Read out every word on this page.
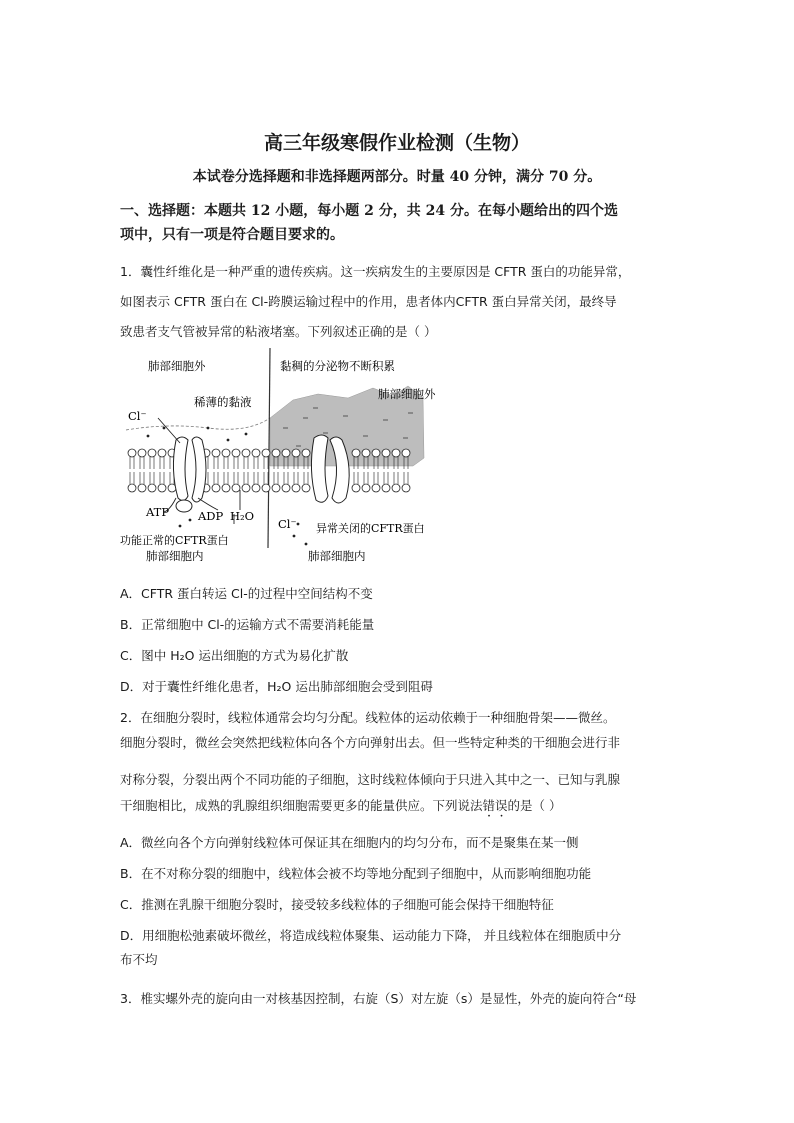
高三年级寒假作业检测（生物）
本试卷分选择题和非选择题两部分。时量 40 分钟，满分 70 分。
一、选择题：本题共 12 小题，每小题 2 分，共 24 分。在每小题给出的四个选
项中，只有一项是符合题目要求的。
1．囊性纤维化是一种严重的遗传疾病。这一疾病发生的主要原因是 CFTR 蛋白的功能异常，
如图表示 CFTR 蛋白在 Cl-跨膜运输过程中的作用，患者体内CFTR 蛋白异常关闭，最终导
致患者支气管被异常的粘液堵塞。下列叙述正确的是（ ）
肺部细胞外	黏稠的分泌物不断积累
肺部细胞外
稀薄的黏液
Cl⁻
ATP	ADP H₂O
Cl⁻ 异常关闭的CFTR蛋白
功能正常的CFTR蛋白
肺部细胞内	肺部细胞内
A．CFTR 蛋白转运 Cl-的过程中空间结构不变
B．正常细胞中 Cl-的运输方式不需要消耗能量
C．图中 H₂O 运出细胞的方式为易化扩散
D．对于囊性纤维化患者，H₂O 运出肺部细胞会受到阻碍
2．在细胞分裂时，线粒体通常会均匀分配。线粒体的运动依赖于一种细胞骨架——微丝。
细胞分裂时，微丝会突然把线粒体向各个方向弹射出去。但一些特定种类的干细胞会进行非
对称分裂，分裂出两个不同功能的子细胞，这时线粒体倾向于只进入其中之一、已知与乳腺
干细胞相比，成熟的乳腺组织细胞需要更多的能量供应。下列说法错误的是（ ）
A．微丝向各个方向弹射线粒体可保证其在细胞内的均匀分布，而不是聚集在某一侧
B．在不对称分裂的细胞中，线粒体会被不均等地分配到子细胞中，从而影响细胞功能
C．推测在乳腺干细胞分裂时，接受较多线粒体的子细胞可能会保持干细胞特征
D．用细胞松弛素破坏微丝，将造成线粒体聚集、运动能力下降， 并且线粒体在细胞质中分
布不均
3．椎实螺外壳的旋向由一对核基因控制，右旋（S）对左旋（s）是显性，外壳的旋向符合“母
